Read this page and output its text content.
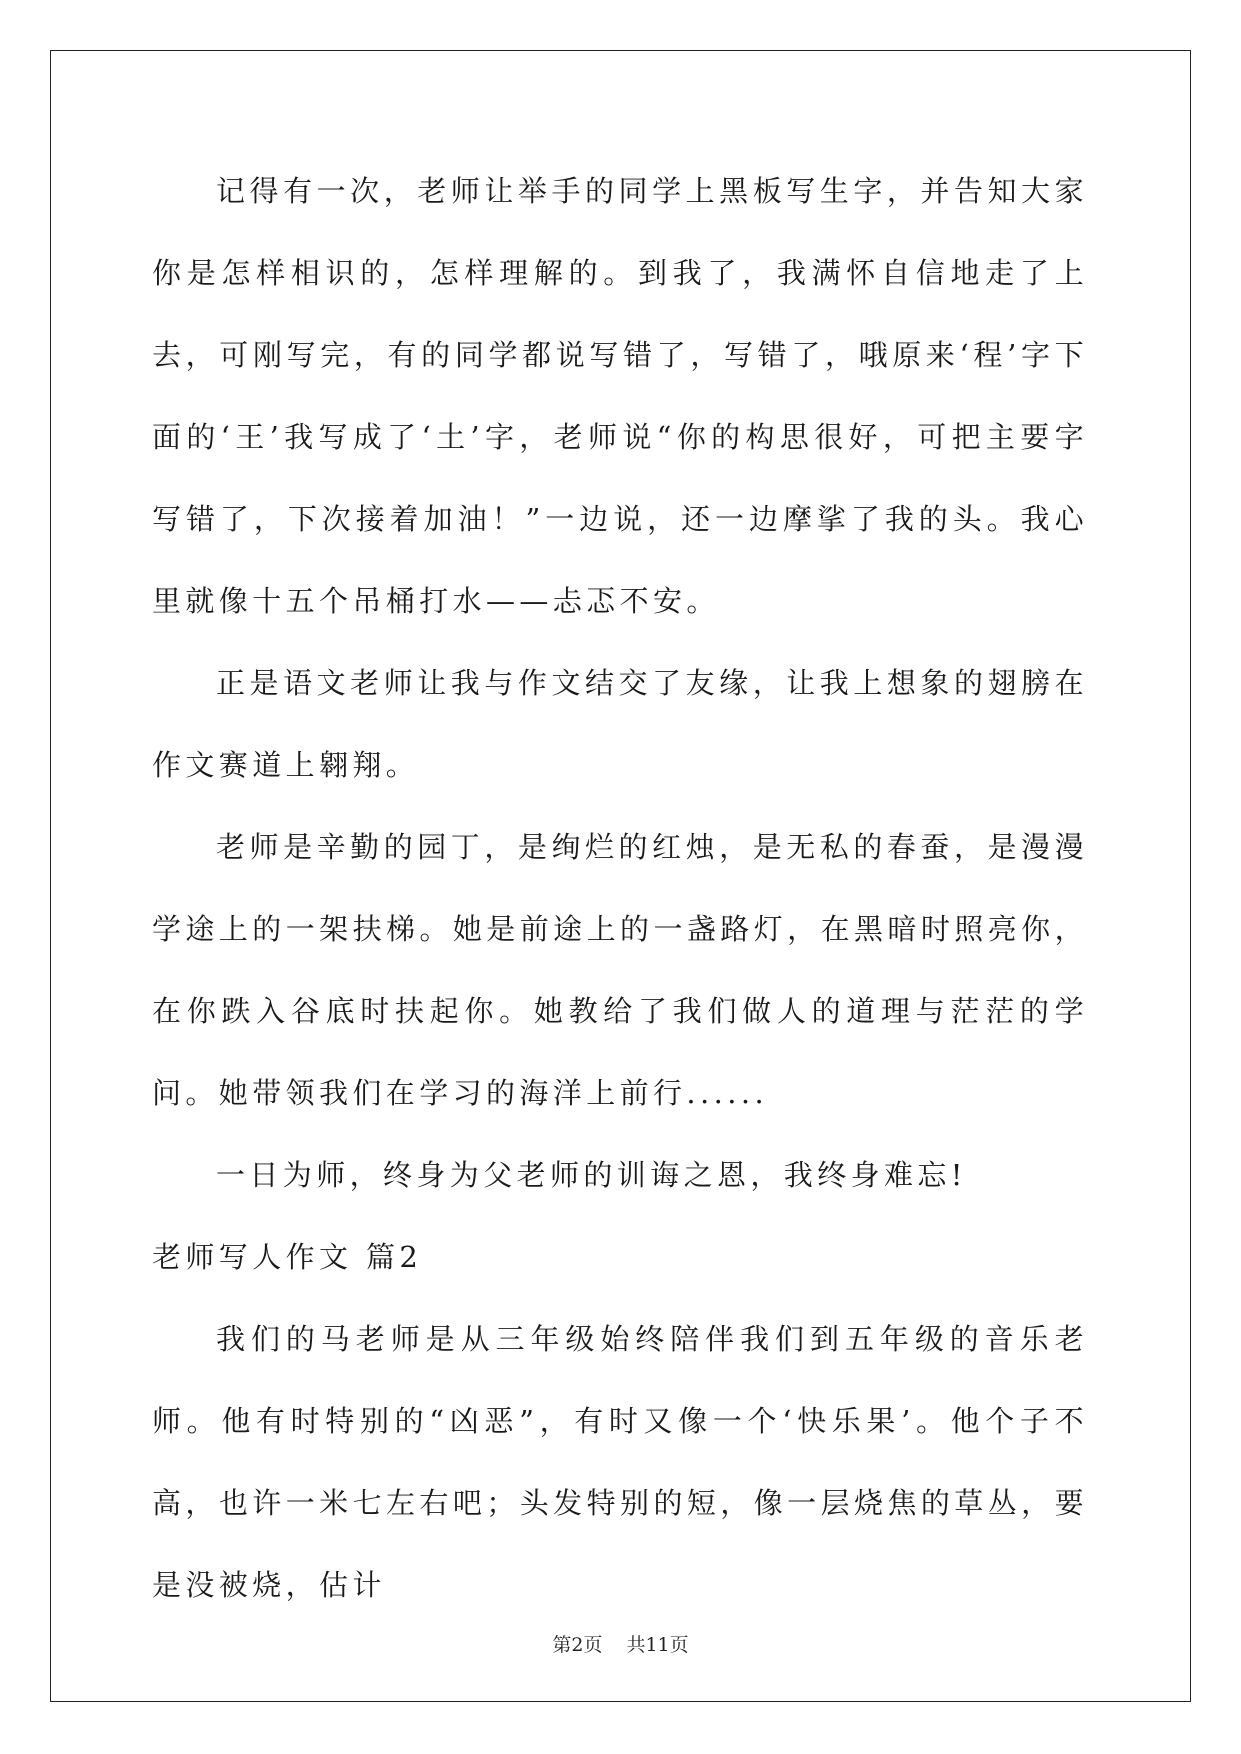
记得有一次，老师让举手的同学上黑板写生字，并告知大家你是怎样相识的，怎样理解的。到我了，我满怀自信地走了上去，可刚写完，有的同学都说写错了，写错了，哦原来‘程’字下面的‘王’我写成了‘土’字，老师说“你的构思很好，可把主要字写错了，下次接着加油！”一边说，还一边摩挲了我的头。我心里就像十五个吊桶打水——忐忑不安。

正是语文老师让我与作文结交了友缘，让我上想象的翅膀在作文赛道上翱翔。

老师是辛勤的园丁，是绚烂的红烛，是无私的春蚕，是漫漫学途上的一架扶梯。她是前途上的一盏路灯，在黑暗时照亮你，在你跌入谷底时扶起你。她教给了我们做人的道理与茫茫的学问。她带领我们在学习的海洋上前行......

一日为师，终身为父老师的训诲之恩，我终身难忘!

老师写人作文 篇2

我们的马老师是从三年级始终陪伴我们到五年级的音乐老师。他有时特别的“凶恶”，有时又像一个‘快乐果’。他个子不高，也许一米七左右吧；头发特别的短，像一层烧焦的草丛，要是没被烧，估计

第2页 共11页
